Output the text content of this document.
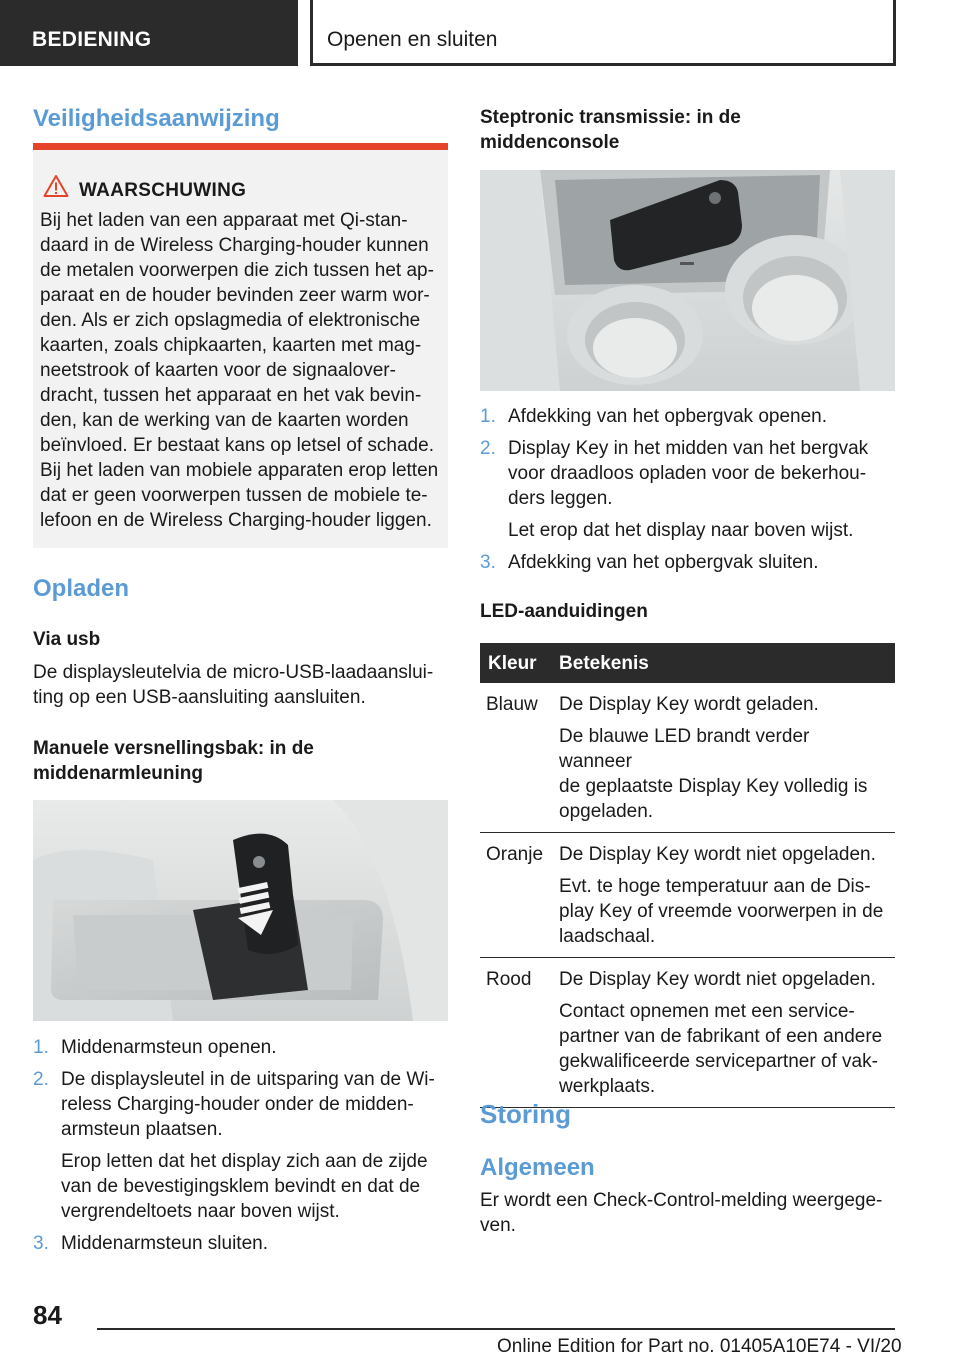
BEDIENING	Openen en sluiten
Veiligheidsaanwijzing
WAARSCHUWING
Bij het laden van een apparaat met Qi-stan-
daard in de Wireless Charging-houder kunnen
de metalen voorwerpen die zich tussen het ap-
paraat en de houder bevinden zeer warm wor-
den. Als er zich opslagmedia of elektronische
kaarten, zoals chipkaarten, kaarten met mag-
neetstrook of kaarten voor de signaalover-
dracht, tussen het apparaat en het vak bevin-
den, kan de werking van de kaarten worden
beïnvloed. Er bestaat kans op letsel of schade.
Bij het laden van mobiele apparaten erop letten
dat er geen voorwerpen tussen de mobiele te-
lefoon en de Wireless Charging-houder liggen.
Opladen
Via usb
De displaysleutelvia de micro-USB-laadaanslui-
ting op een USB-aansluiting aansluiten.
Manuele versnellingsbak: in de
middenarmleuning
1. Middenarmsteun openen.
2. De displaysleutel in de uitsparing van de Wi-
reless Charging-houder onder de midden-
armsteun plaatsen.
Erop letten dat het display zich aan de zijde
van de bevestigingsklem bevindt en dat de
vergrendeltoets naar boven wijst.
3. Middenarmsteun sluiten.
Steptronic transmissie: in de
middenconsole
1. Afdekking van het opbergvak openen.
2. Display Key in het midden van het bergvak
voor draadloos opladen voor de bekerhou-
ders leggen.
Let erop dat het display naar boven wijst.
3. Afdekking van het opbergvak sluiten.
LED-aanduidingen
Kleur	Betekenis
Blauw	De Display Key wordt geladen.
De blauwe LED brandt verder wanneer
de geplaatste Display Key volledig is
opgeladen.

Oranje	De Display Key wordt niet opgeladen.
Evt. te hoge temperatuur aan de Dis-
play Key of vreemde voorwerpen in de
laadschaal.

Rood	De Display Key wordt niet opgeladen.
Contact opnemen met een service-
partner van de fabrikant of een andere
gekwalificeerde servicepartner of vak-
werkplaats.
Storing
Algemeen
Er wordt een Check-Control-melding weergege-
ven.
84
Online Edition for Part no. 01405A10E74 - VI/20
